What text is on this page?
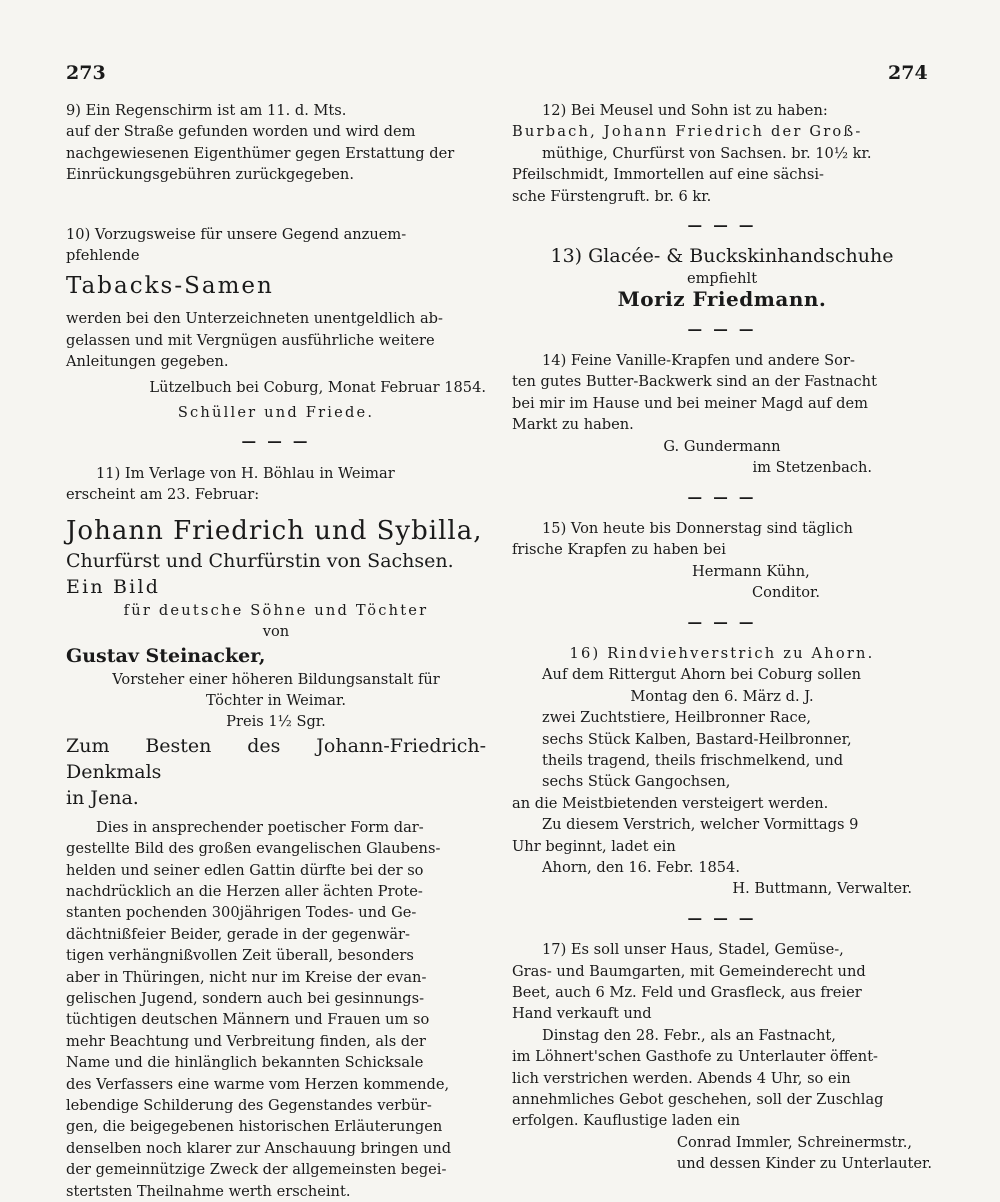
273	274

9) Ein Regenschirm ist am 11. d. Mts.

auf der Straße gefunden worden und wird dem

nachgewiesenen Eigenthümer gegen Erstattung der

Einrückungsgebühren zurückgegeben.

10) Vorzugsweise für unsere Gegend anzuem-

pfehlende

Tabacks-Samen

werden bei den Unterzeichneten unentgeldlich ab-

gelassen und mit Vergnügen ausführliche weitere

Anleitungen gegeben.

Lützelbuch bei Coburg, Monat Februar 1854.

Schüller und Friede.

— — —

11) Im Verlage von H. Böhlau in Weimar

erscheint am 23. Februar:

Johann Friedrich und Sybilla,

Churfürst und Churfürstin von Sachsen.

Ein Bild

für deutsche Söhne und Töchter

von

Gustav Steinacker,

Vorsteher einer höheren Bildungsanstalt für

Töchter in Weimar.

Preis 1½ Sgr.

Zum Besten des Johann-Friedrich-Denkmals

in Jena.

Dies in ansprechender poetischer Form dar-

gestellte Bild des großen evangelischen Glaubens-

helden und seiner edlen Gattin dürfte bei der so

nachdrücklich an die Herzen aller ächten Prote-

stanten pochenden 300jährigen Todes- und Ge-

dächtnißfeier Beider, gerade in der gegenwär-

tigen verhängnißvollen Zeit überall, besonders

aber in Thüringen, nicht nur im Kreise der evan-

gelischen Jugend, sondern auch bei gesinnungs-

tüchtigen deutschen Männern und Frauen um so

mehr Beachtung und Verbreitung finden, als der

Name und die hinlänglich bekannten Schicksale

des Verfassers eine warme vom Herzen kommende,

lebendige Schilderung des Gegenstandes verbür-

gen, die beigegebenen historischen Erläuterungen

denselben noch klarer zur Anschauung bringen und

der gemeinnützige Zweck der allgemeinsten begei-

stertsten Theilnahme werth erscheint.

12) Bei Meusel und Sohn ist zu haben:

Burbach, Johann Friedrich der Groß-

müthige, Churfürst von Sachsen. br. 10½ kr.

Pfeilschmidt, Immortellen auf eine sächsi-

sche Fürstengruft. br. 6 kr.

— — —

13) Glacée- & Buckskinhandschuhe

empfiehlt

Moriz Friedmann.

— — —

14) Feine Vanille-Krapfen und andere Sor-

ten gutes Butter-Backwerk sind an der Fastnacht

bei mir im Hause und bei meiner Magd auf dem

Markt zu haben.

G. Gundermann

im Stetzenbach.

— — —

15) Von heute bis Donnerstag sind täglich

frische Krapfen zu haben bei

Hermann Kühn,

Conditor.

— — —

16) Rindviehverstrich zu Ahorn.

Auf dem Rittergut Ahorn bei Coburg sollen

Montag den 6. März d. J.

zwei Zuchtstiere, Heilbronner Race,

sechs Stück Kalben, Bastard-Heilbronner,

theils tragend, theils frischmelkend, und

sechs Stück Gangochsen,

an die Meistbietenden versteigert werden.

Zu diesem Verstrich, welcher Vormittags 9

Uhr beginnt, ladet ein

Ahorn, den 16. Febr. 1854.

H. Buttmann, Verwalter.

— — —

17) Es soll unser Haus, Stadel, Gemüse-,

Gras- und Baumgarten, mit Gemeinderecht und

Beet, auch 6 Mz. Feld und Grasfleck, aus freier

Hand verkauft und

Dinstag den 28. Febr., als an Fastnacht,

im Löhnert'schen Gasthofe zu Unterlauter öffent-

lich verstrichen werden. Abends 4 Uhr, so ein

annehmliches Gebot geschehen, soll der Zuschlag

erfolgen. Kauflustige laden ein

Conrad Immler, Schreinermstr.,

und dessen Kinder zu Unterlauter.
